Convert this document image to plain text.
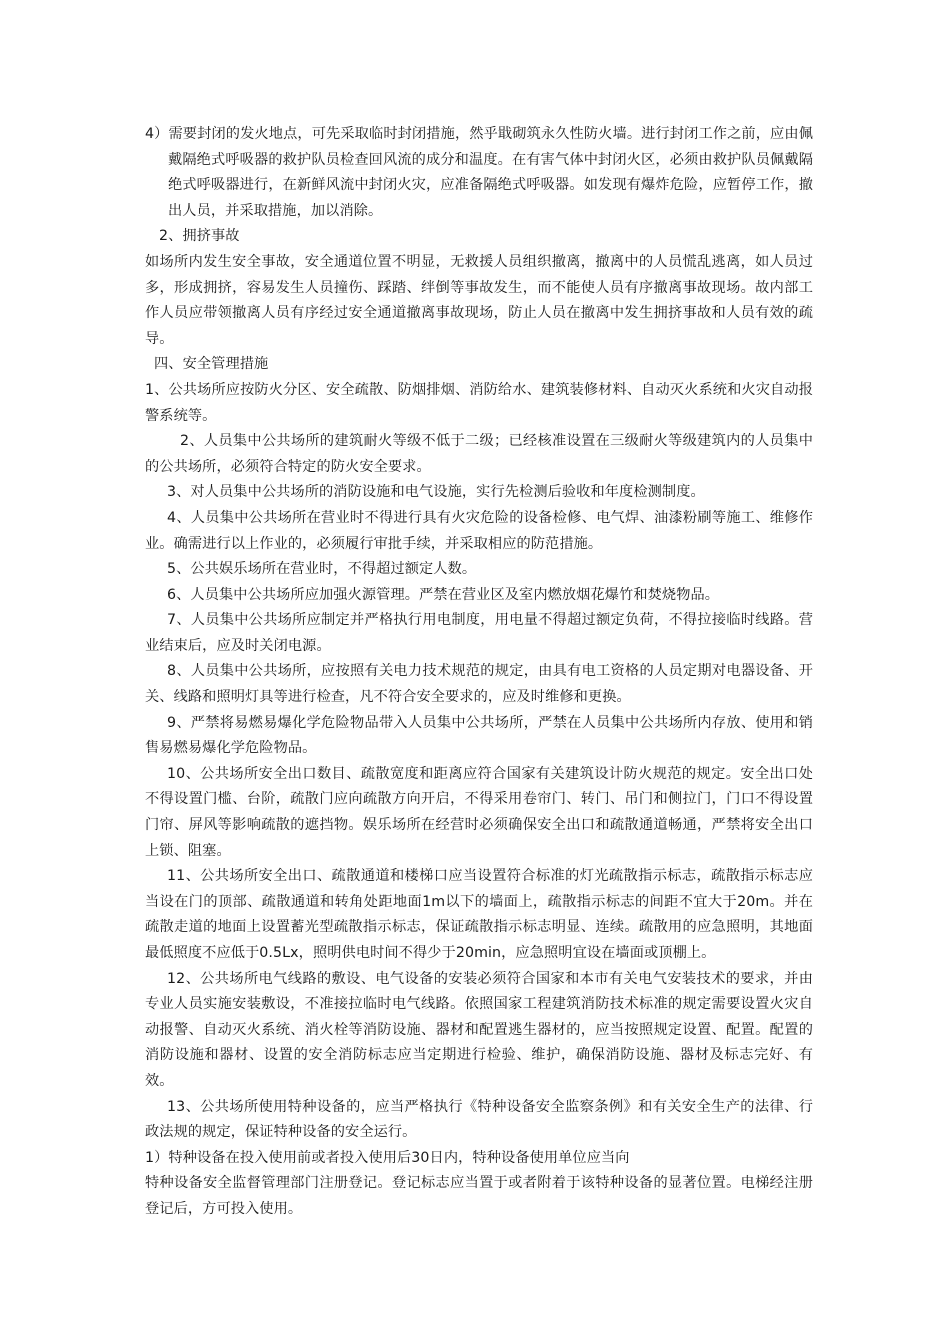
4）需要封闭的发火地点，可先采取临时封闭措施，然乎戢砌筑永久性防火墙。进行封闭工作之前，应由佩戴隔绝式呼吸器的救护队员检查回风流的成分和温度。在有害气体中封闭火区，必须由救护队员佩戴隔绝式呼吸器进行，在新鲜风流中封闭火灾，应准备隔绝式呼吸器。如发现有爆炸危险，应暂停工作，撤出人员，并采取措施，加以消除。

2、拥挤事故

如场所内发生安全事故，安全通道位置不明显，无救援人员组织撤离，撤离中的人员慌乱逃离，如人员过多，形成拥挤，容易发生人员撞伤、踩踏、绊倒等事故发生，而不能使人员有序撤离事故现场。故内部工作人员应带领撤离人员有序经过安全通道撤离事故现场，防止人员在撤离中发生拥挤事故和人员有效的疏导。

四、安全管理措施

1、公共场所应按防火分区、安全疏散、防烟排烟、消防给水、建筑装修材料、自动灭火系统和火灾自动报警系统等。

2、人员集中公共场所的建筑耐火等级不低于二级；已经核准设置在三级耐火等级建筑内的人员集中的公共场所，必须符合特定的防火安全要求。

3、对人员集中公共场所的消防设施和电气设施，实行先检测后验收和年度检测制度。

4、人员集中公共场所在营业时不得进行具有火灾危险的设备检修、电气焊、油漆粉刷等施工、维修作业。确需进行以上作业的，必须履行审批手续，并采取相应的防范措施。

5、公共娱乐场所在营业时，不得超过额定人数。

6、人员集中公共场所应加强火源管理。严禁在营业区及室内燃放烟花爆竹和焚烧物品。

7、人员集中公共场所应制定并严格执行用电制度，用电量不得超过额定负荷，不得拉接临时线路。营业结束后，应及时关闭电源。

8、人员集中公共场所，应按照有关电力技术规范的规定，由具有电工资格的人员定期对电器设备、开关、线路和照明灯具等进行检查，凡不符合安全要求的，应及时维修和更换。

9、严禁将易燃易爆化学危险物品带入人员集中公共场所，严禁在人员集中公共场所内存放、使用和销售易燃易爆化学危险物品。

10、公共场所安全出口数目、疏散宽度和距离应符合国家有关建筑设计防火规范的规定。安全出口处不得设置门槛、台阶，疏散门应向疏散方向开启，不得采用卷帘门、转门、吊门和侧拉门，门口不得设置门帘、屏风等影响疏散的遮挡物。娱乐场所在经营时必须确保安全出口和疏散通道畅通，严禁将安全出口上锁、阻塞。

11、公共场所安全出口、疏散通道和楼梯口应当设置符合标准的灯光疏散指示标志，疏散指示标志应当设在门的顶部、疏散通道和转角处距地面1m以下的墙面上，疏散指示标志的间距不宜大于20m。并在疏散走道的地面上设置蓄光型疏散指示标志，保证疏散指示标志明显、连续。疏散用的应急照明，其地面最低照度不应低于0.5Lx，照明供电时间不得少于20min，应急照明宜设在墙面或顶棚上。

12、公共场所电气线路的敷设、电气设备的安装必须符合国家和本市有关电气安装技术的要求，并由专业人员实施安装敷设，不准接拉临时电气线路。依照国家工程建筑消防技术标准的规定需要设置火灾自动报警、自动灭火系统、消火栓等消防设施、器材和配置逃生器材的，应当按照规定设置、配置。配置的消防设施和器材、设置的安全消防标志应当定期进行检验、维护，确保消防设施、器材及标志完好、有效。

13、公共场所使用特种设备的，应当严格执行《特种设备安全监察条例》和有关安全生产的法律、行政法规的规定，保证特种设备的安全运行。

1）特种设备在投入使用前或者投入使用后30日内，特种设备使用单位应当向

特种设备安全监督管理部门注册登记。登记标志应当置于或者附着于该特种设备的显著位置。电梯经注册登记后，方可投入使用。
